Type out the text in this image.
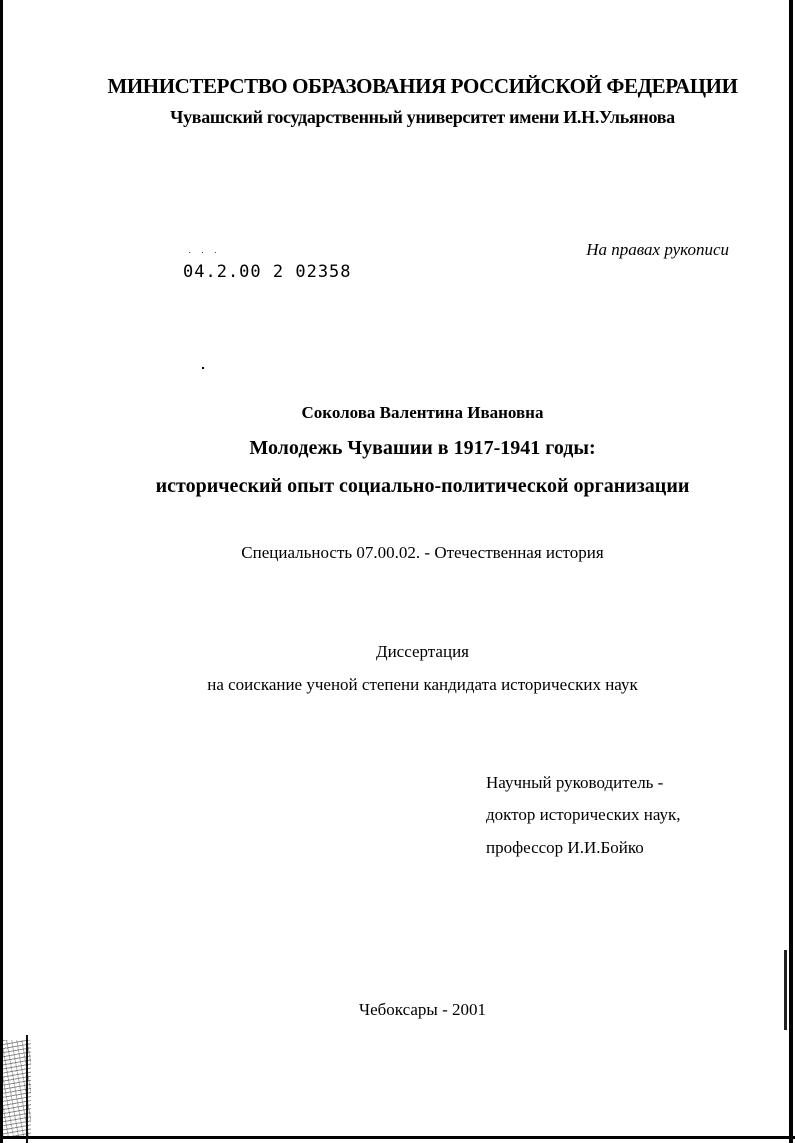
МИНИСТЕРСТВО ОБРАЗОВАНИЯ РОССИЙСКОЙ ФЕДЕРАЦИИ
Чувашский государственный университет имени И.Н.Ульянова
На правах рукописи
˙ ˙ ˙
04.2.00 2 02358
Соколова Валентина Ивановна
Молодежь Чувашии в 1917-1941 годы:
исторический опыт социально-политической организации
Специальность 07.00.02. - Отечественная история
Диссертация
на соискание ученой степени кандидата исторических наук
Научный руководитель -
доктор исторических наук,
профессор И.И.Бойко
Чебоксары - 2001
